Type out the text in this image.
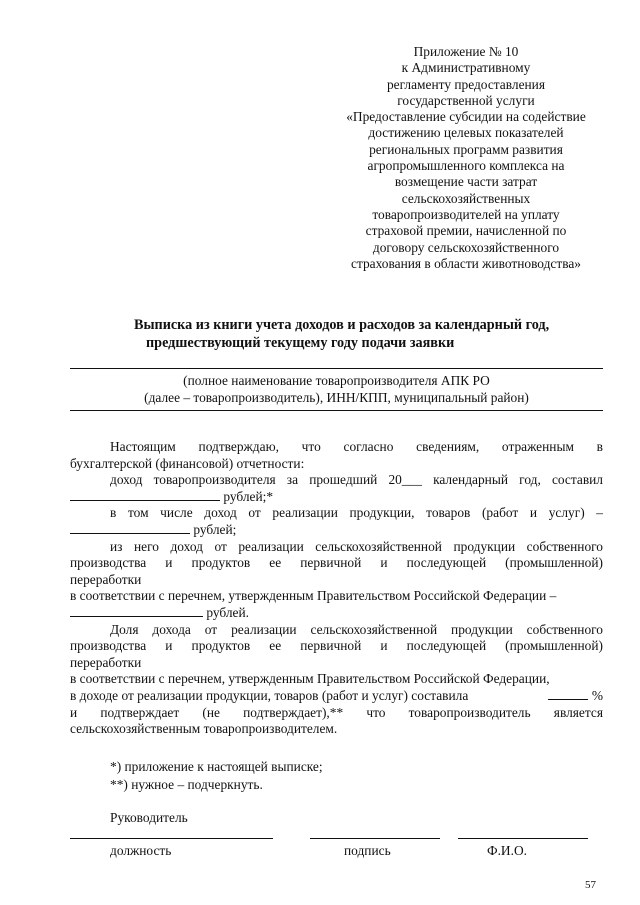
Приложение № 10
к Административному
регламенту предоставления
государственной услуги
«Предоставление субсидии на содействие
достижению целевых показателей
региональных программ развития
агропромышленного комплекса на
возмещение части затрат
сельскохозяйственных
товаропроизводителей на уплату
страховой премии, начисленной по
договору сельскохозяйственного
страхования в области животноводства»
Выписка из книги учета доходов и расходов за календарный год,
предшествующий текущему году подачи заявки
(полное наименование товаропроизводителя АПК РО
(далее – товаропроизводитель), ИНН/КПП, муниципальный район)
Настоящим подтверждаю, что согласно сведениям, отраженным в
бухгалтерской (финансовой) отчетности:
доход товаропроизводителя за прошедший 20___ календарный год, составил
рублей;*
в том числе доход от реализации продукции, товаров (работ и услуг) –
рублей;
из него доход от реализации сельскохозяйственной продукции собственного
производства и продуктов ее первичной и последующей (промышленной)
переработки
в соответствии с перечнем, утвержденным Правительством Российской Федерации –
рублей.
Доля дохода от реализации сельскохозяйственной продукции собственного
производства и продуктов ее первичной и последующей (промышленной)
переработки
в соответствии с перечнем, утвержденным Правительством Российской Федерации,
в доходе от реализации продукции, товаров (работ и услуг) составила	%
и подтверждает (не подтверждает),** что товаропроизводитель является
сельскохозяйственным товаропроизводителем.
*) приложение к настоящей выписке;
**) нужное – подчеркнуть.
Руководитель
должность	подпись	Ф.И.О.
57
